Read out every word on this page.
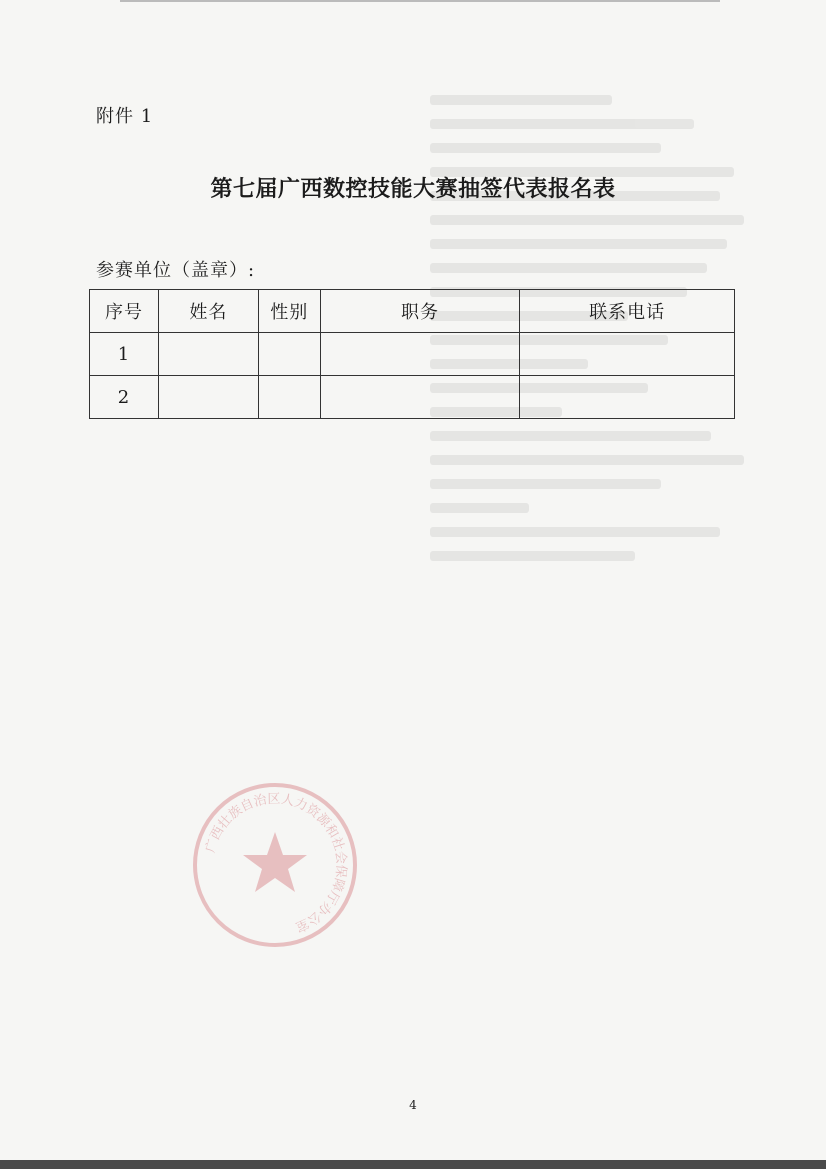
附件 1
第七届广西数控技能大赛抽签代表报名表
参赛单位（盖章）:
序号	姓名	性别	职务	联系电话
1				
2				
广西壮族自治区人力资源和社会保障厅办公室
4
